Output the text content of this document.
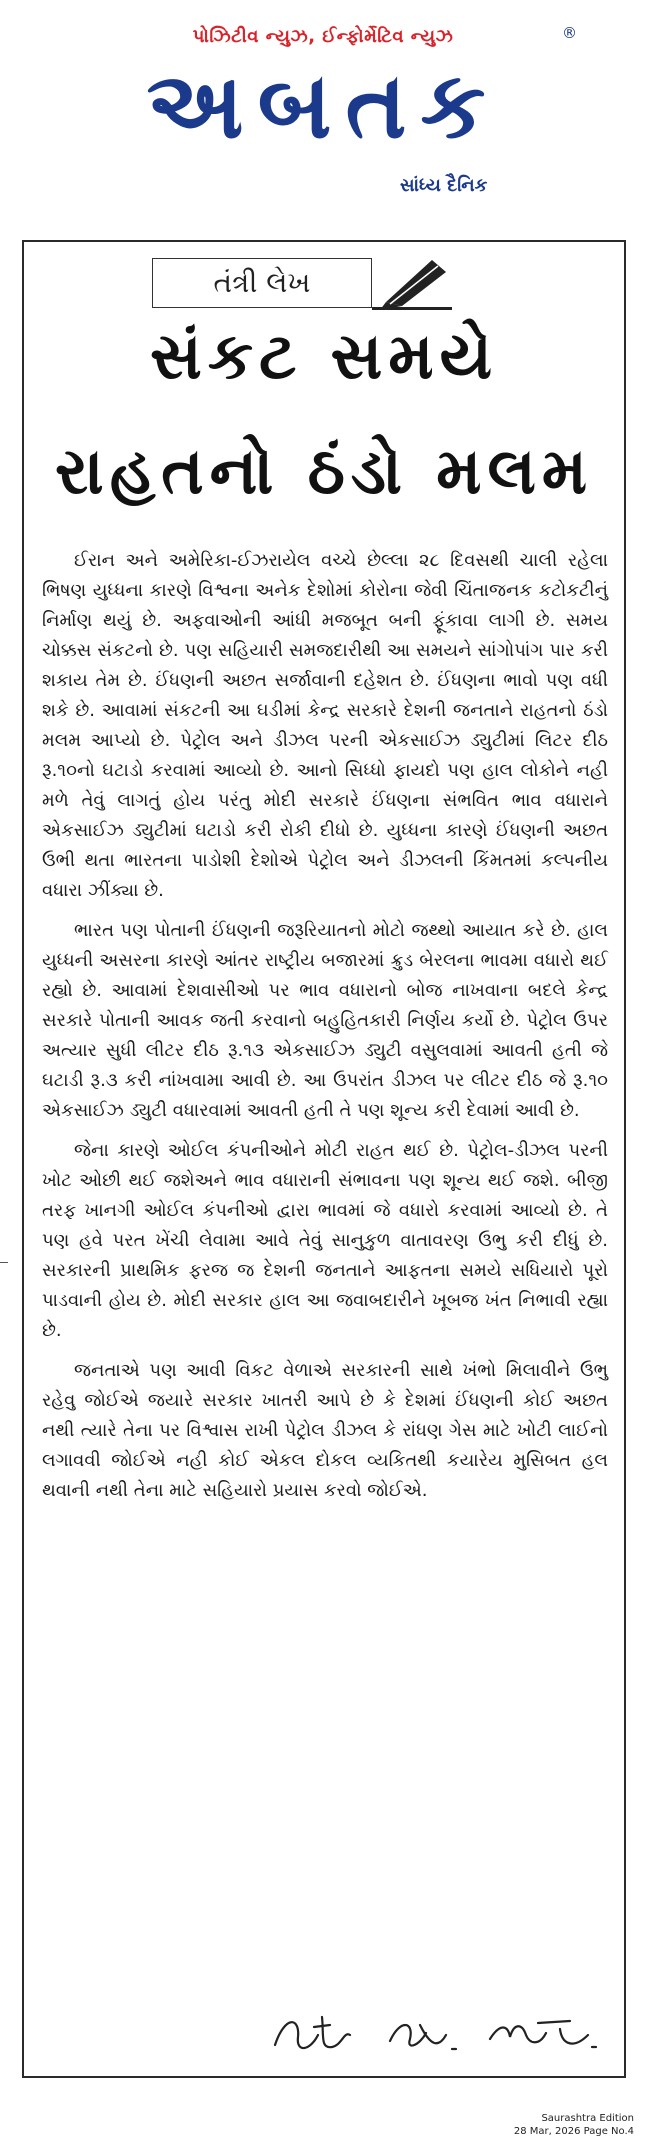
પોઝિટીવ ન્યુઝ, ઈન્ફોર્મેટિવ ન્યુઝ
અબતક
®
સાંધ્ય દૈનિક
તંત્રી લેખ
સંકટ સમયે
રાહતનો ઠંડો મલમ

ઈરાન અને અમેરિકા-ઈઝરાયેલ વચ્ચે છેલ્લા ૨૮ દિવસથી ચાલી રહેલા ભિષણ યુધ્ધના કારણે વિશ્વના અનેક દેશોમાં કોરોના જેવી ચિંતાજનક કટોકટીનું નિર્માણ થયું છે. અફવાઓની આંધી મજબૂત બની ફૂંકાવા લાગી છે. સમય ચોક્કસ સંકટનો છે. પણ સહિયારી સમજદારીથી આ સમયને સાંગોપાંગ પાર કરી શકાય તેમ છે. ઈંધણની અછત સર્જાવાની દહેશત છે. ઈંધણના ભાવો પણ વધી શકે છે. આવામાં સંકટની આ ઘડીમાં કેન્દ્ર સરકારે દેશની જનતાને રાહતનો ઠંડો મલમ આપ્યો છે. પેટ્રોલ અને ડીઝલ પરની એકસાઈઝ ડ્યુટીમાં લિટર દીઠ રૂ.૧૦નો ઘટાડો કરવામાં આવ્યો છે. આનો સિધ્ધો ફાયદો પણ હાલ લોકોને નહી મળે તેવું લાગતું હોય પરંતુ મોદી સરકારે ઈંધણના સંભવિત ભાવ વધારાને એકસાઈઝ ડ્યુટીમાં ઘટાડો કરી રોકી દીધો છે. યુધ્ધના કારણે ઈંધણની અછત ઉભી થતા ભારતના પાડોશી દેશોએ પેટ્રોલ અને ડીઝલની કિંમતમાં કલ્પનીય વધારા ઝીંક્યા છે.

ભારત પણ પોતાની ઈંધણની જરૂરિયાતનો મોટો જથ્થો આયાત કરે છે. હાલ યુધ્ધની અસરના કારણે આંતર રાષ્ટ્રીય બજારમાં ક્રુડ બેરલના ભાવમા વધારો થઈ રહ્યો છે. આવામાં દેશવાસીઓ પર ભાવ વધારાનો બોજ નાખવાના બદલે કેન્દ્ર સરકારે પોતાની આવક જતી કરવાનો બહુહિતકારી નિર્ણય કર્યો છે. પેટ્રોલ ઉપર અત્યાર સુધી લીટર દીઠ રૂ.૧૩ એકસાઈઝ ડ્યુટી વસુલવામાં આવતી હતી જે ઘટાડી રૂ.૩ કરી નાંખવામા આવી છે. આ ઉપરાંત ડીઝલ પર લીટર દીઠ જે રૂ.૧૦ એકસાઈઝ ડ્યુટી વધારવામાં આવતી હતી તે પણ શૂન્ય કરી દેવામાં આવી છે.

જેના કારણે ઓઈલ કંપનીઓને મોટી રાહત થઈ છે. પેટ્રોલ-ડીઝલ પરની ખોટ ઓછી થઈ જશેઅને ભાવ વધારાની સંભાવના પણ શૂન્ય થઈ જશે. બીજી તરફ ખાનગી ઓઈલ કંપનીઓ દ્વારા ભાવમાં જે વધારો કરવામાં આવ્યો છે. તે પણ હવે પરત ખેંચી લેવામા આવે તેવું સાનુકુળ વાતાવરણ ઉભુ કરી દીધું છે. સરકારની પ્રાથમિક ફરજ જ દેશની જનતાને આફતના સમયે સધિયારો પૂરો પાડવાની હોય છે. મોદી સરકાર હાલ આ જવાબદારીને ખૂબજ ખંત નિભાવી રહ્યા છે.

જનતાએ પણ આવી વિકટ વેળાએ સરકારની સાથે ખંભો મિલાવીને ઉભુ રહેવુ જોઈએ જયારે સરકાર ખાતરી આપે છે કે દેશમાં ઈંધણની કોઈ અછત નથી ત્યારે તેના પર વિશ્વાસ રાખી પેટ્રોલ ડીઝલ કે રાંધણ ગેસ માટે ખોટી લાઈનો લગાવવી જોઈએ નહી કોઈ એકલ દોકલ વ્યકિતથી કયારેય મુસિબત હલ થવાની નથી તેના માટે સહિયારો પ્રયાસ કરવો જોઈએ.

Saurashtra Edition
28 Mar, 2026 Page No.4
